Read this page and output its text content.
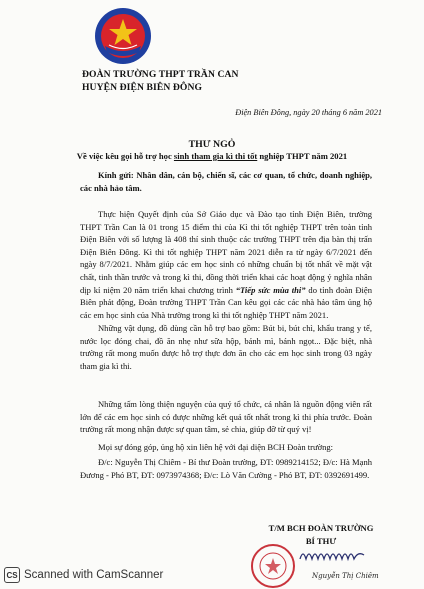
ĐOÀN TRƯỜNG THPT TRẦN CAN
HUYỆN ĐIỆN BIÊN ĐÔNG
Điện Biên Đông, ngày 20 tháng 6 năm 2021
THƯ NGỎ
Về việc kêu gọi hỗ trợ học sinh tham gia kì thi tốt nghiệp THPT năm 2021
Kính gửi: Nhân dân, cán bộ, chiến sĩ, các cơ quan, tổ chức, doanh nghiệp, các nhà hảo tâm.
Thực hiện Quyết định của Sở Giáo dục và Đào tạo tỉnh Điện Biên, trường THPT Trần Can là 01 trong 15 điểm thi của Kì thi tốt nghiệp THPT trên toàn tỉnh Điện Biên với số lượng là 408 thí sinh thuộc các trường THPT trên địa bàn thị trấn Điện Biên Đông. Kì thi tốt nghiệp THPT năm 2021 diễn ra từ ngày 6/7/2021 đến ngày 8/7/2021. Nhằm giúp các em học sinh có những chuẩn bị tốt nhất về mặt vật chất, tinh thần trước và trong kì thi, đồng thời triển khai các hoạt động ý nghĩa nhân dịp kỉ niệm 20 năm triển khai chương trình “Tiếp sức mùa thi” do tỉnh đoàn Điện Biên phát động, Đoàn trường THPT Trần Can kêu gọi các các nhà hảo tâm ủng hộ các em học sinh của Nhà trường trong kì thi tốt nghiệp THPT năm 2021.
Những vật dụng, đồ dùng cần hỗ trợ bao gồm: Bút bi, bút chì, khẩu trang y tế, nước lọc đóng chai, đồ ăn nhẹ như sữa hộp, bánh mì, bánh ngọt... Đặc biệt, nhà trường rất mong muốn được hỗ trợ thực đơn ăn cho các em học sinh trong 03 ngày tham gia kì thi.
Những tấm lòng thiện nguyện của quý tổ chức, cá nhân là nguồn động viên rất lớn để các em học sinh có được những kết quả tốt nhất trong kì thi phía trước. Đoàn trường rất mong nhận được sự quan tâm, sẻ chia, giúp đỡ từ quý vị!
Mọi sự đóng góp, ủng hộ xin liên hệ với đại diện BCH Đoàn trường:
Đ/c: Nguyễn Thị Chiêm - Bí thư Đoàn trường, ĐT: 0989214152; Đ/c: Hà Mạnh Đương - Phó BT, ĐT: 0973974368; Đ/c: Lò Văn Cường - Phó BT, ĐT: 0392691499.
T/M BCH ĐOÀN TRƯỜNG
BÍ THƯ
Nguyễn Thị Chiêm
CS Scanned with CamScanner
